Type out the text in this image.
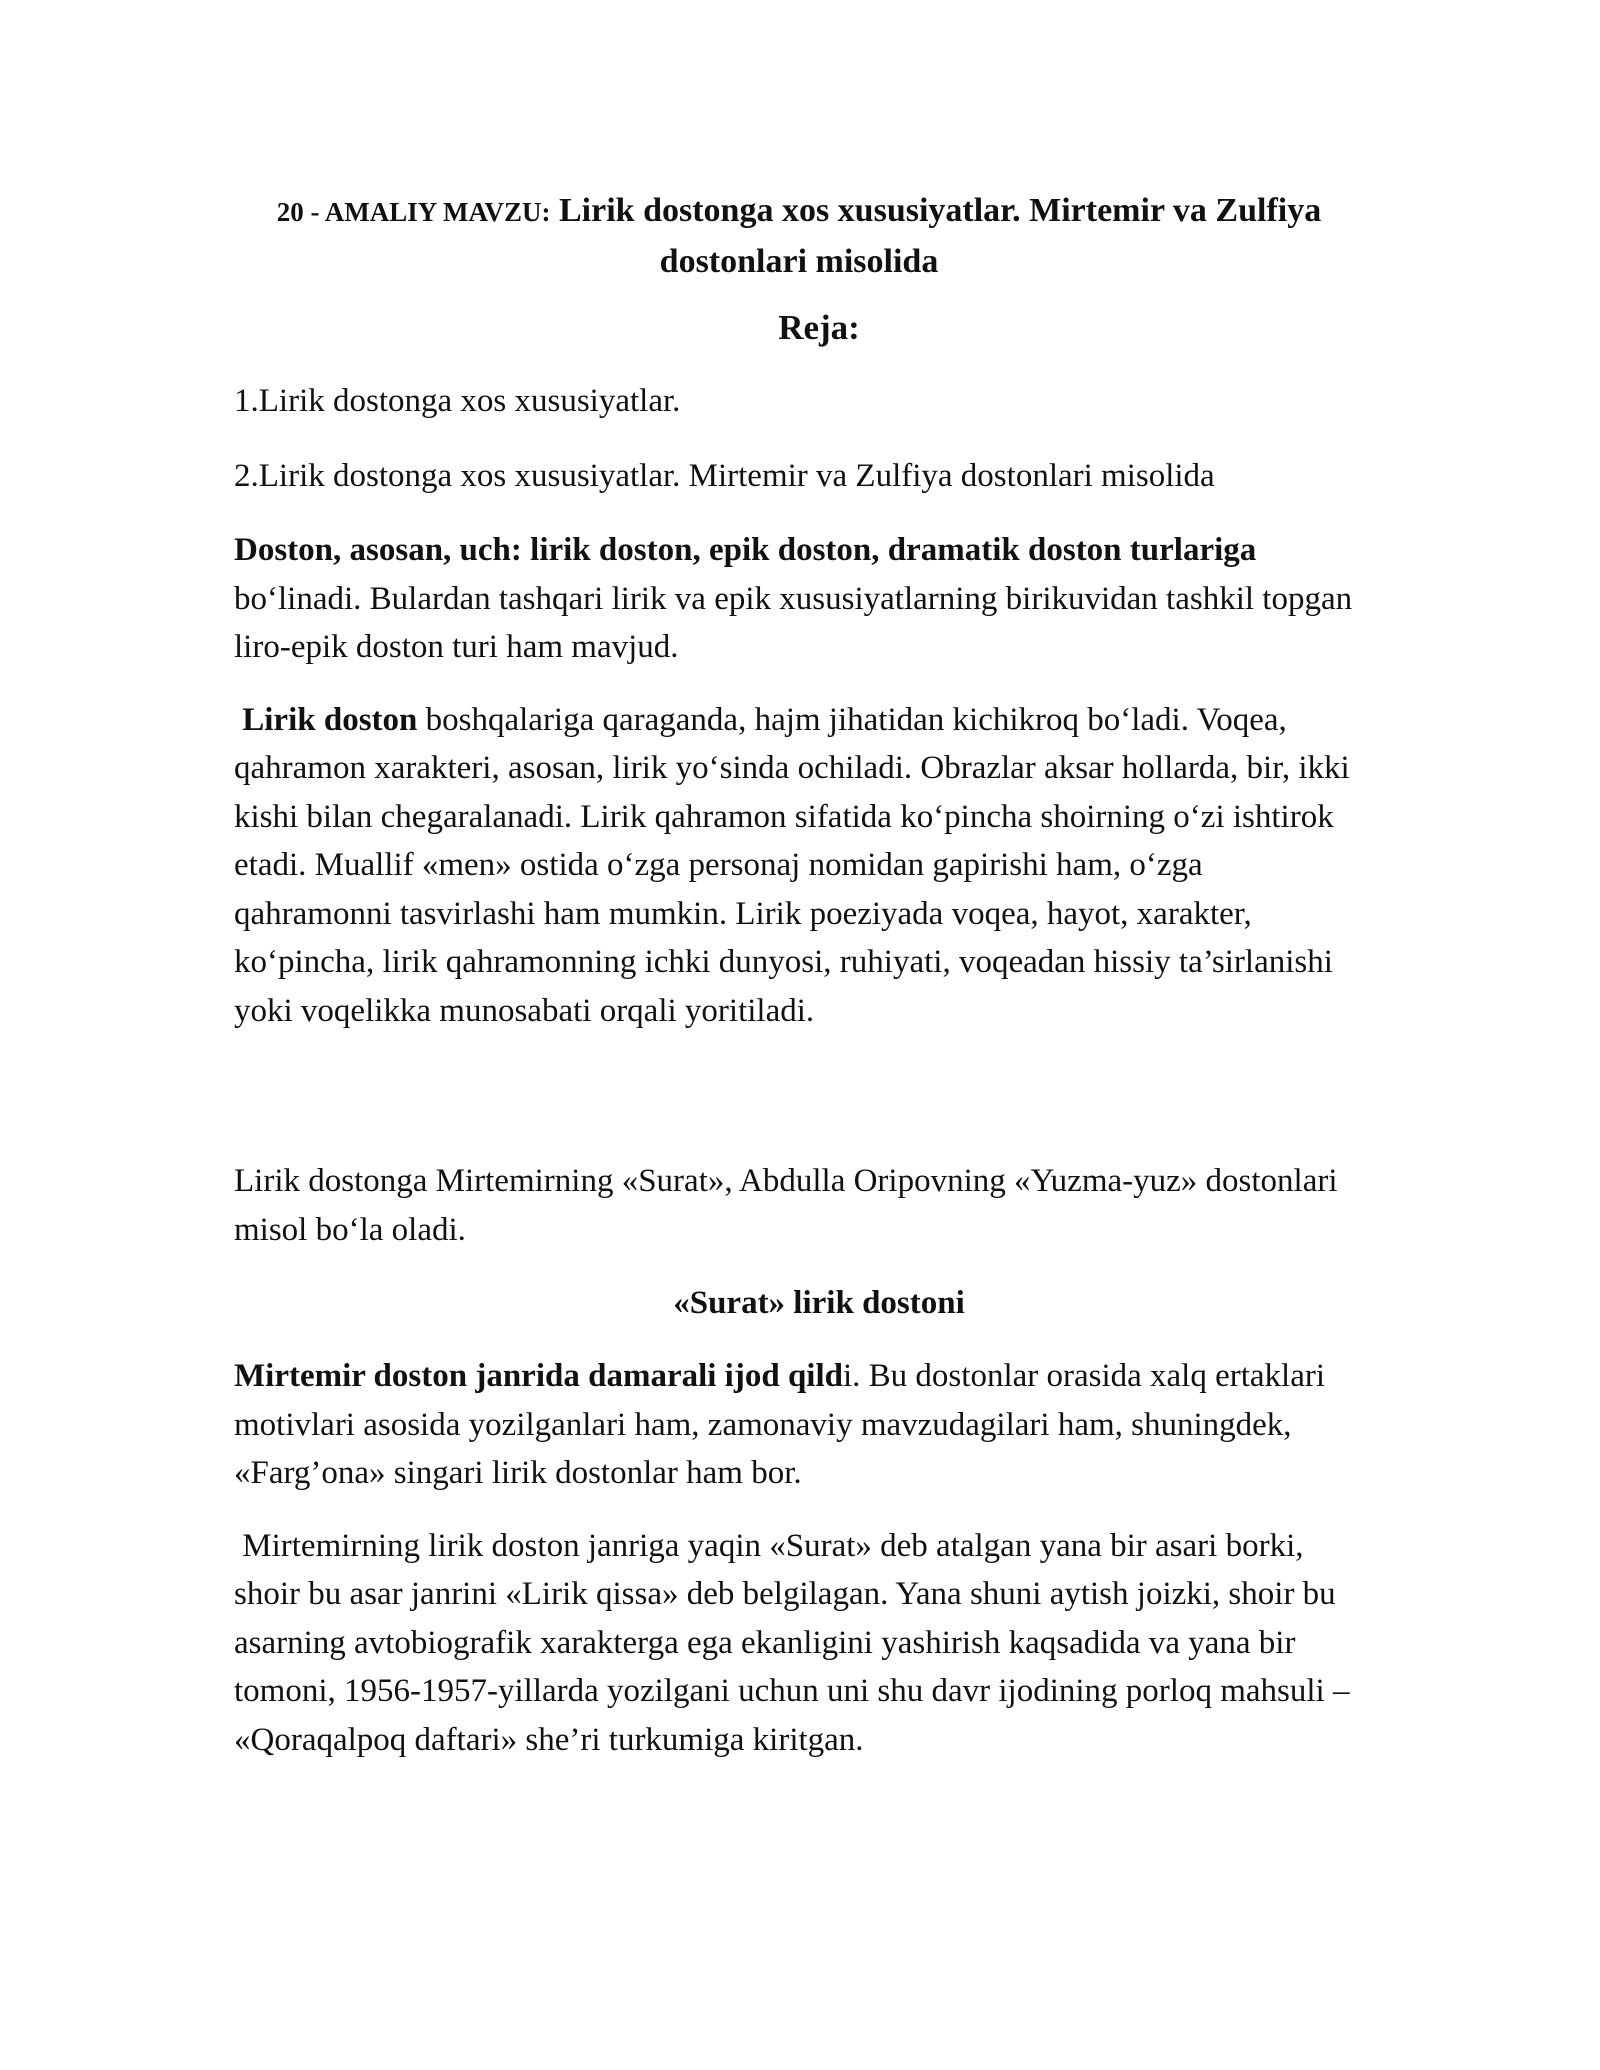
20 - AMALIY MAVZU: Lirik dostonga xos xususiyatlar. Mirtemir va Zulfiya dostonlari misolida
Reja:

1.Lirik dostonga xos xususiyatlar.

2.Lirik dostonga xos xususiyatlar. Mirtemir va Zulfiya dostonlari misolida

Doston, asosan, uch: lirik doston, epik doston, dramatik doston turlariga bo‘linadi. Bulardan tashqari lirik va epik xususiyatlarning birikuvidan tashkil topgan liro-epik doston turi ham mavjud.

Lirik doston boshqalariga qaraganda, hajm jihatidan kichikroq bo‘ladi. Voqea, qahramon xarakteri, asosan, lirik yo‘sinda ochiladi. Obrazlar aksar hollarda, bir, ikki kishi bilan chegaralanadi. Lirik qahramon sifatida ko‘pincha shoirning o‘zi ishtirok etadi. Muallif «men» ostida o‘zga personaj nomidan gapirishi ham, o‘zga qahramonni tasvirlashi ham mumkin. Lirik poeziyada voqea, hayot, xarakter, ko‘pincha, lirik qahramonning ichki dunyosi, ruhiyati, voqeadan hissiy ta’sirlanishi yoki voqelikka munosabati orqali yoritiladi.

Lirik dostonga Mirtemirning «Surat», Abdulla Oripovning «Yuzma-yuz» dostonlari misol bo‘la oladi.

«Surat» lirik dostoni

Mirtemir doston janrida damarali ijod qildi. Bu dostonlar orasida xalq ertaklari motivlari asosida yozilganlari ham, zamonaviy mavzudagilari ham, shuningdek, «Farg’ona» singari lirik dostonlar ham bor.

Mirtemirning lirik doston janriga yaqin «Surat» deb atalgan yana bir asari borki, shoir bu asar janrini «Lirik qissa» deb belgilagan. Yana shuni aytish joizki, shoir bu asarning avtobiografik xarakterga ega ekanligini yashirish kaqsadida va yana bir tomoni, 1956-1957-yillarda yozilgani uchun uni shu davr ijodining porloq mahsuli – «Qoraqalpoq daftari» she’ri turkumiga kiritgan.
